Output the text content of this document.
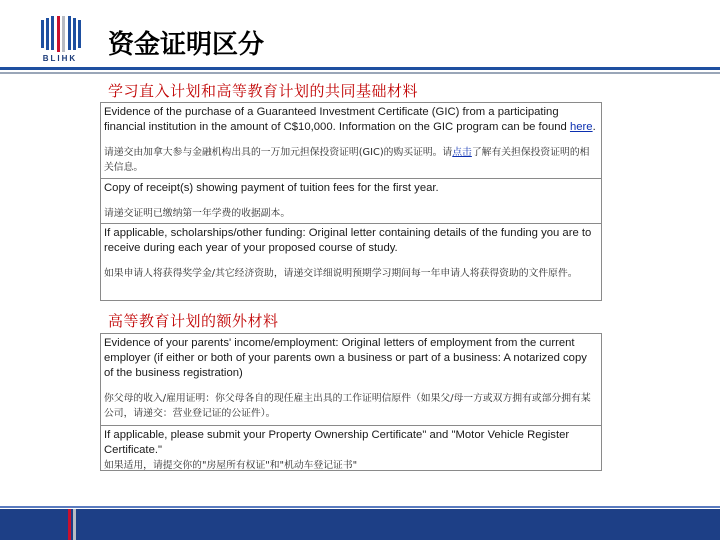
BLIHK 资金证明区分
学习直入计划和高等教育计划的共同基础材料

Evidence of the purchase of a Guaranteed Investment Certificate (GIC) from a participating financial institution in the amount of C$10,000. Information on the GIC program can be found here.

请递交由加拿大参与金融机构出具的一万加元担保投资证明(GIC)的购买证明。请点击了解有关担保投资证明的相关信息。

Copy of receipt(s) showing payment of tuition fees for the first year.

请递交证明已缴纳第一年学费的收据副本。

If applicable, scholarships/other funding: Original letter containing details of the funding you are to receive during each year of your proposed course of study.

如果申请人将获得奖学金/其它经济资助，请递交详细说明预期学习期间每一年申请人将获得资助的文件原件。

高等教育计划的额外材料

Evidence of your parents' income/employment: Original letters of employment from the current employer (if either or both of your parents own a business or part of a business: A notarized copy of the business registration)

你父母的收入/雇用证明：你父母各自的现任雇主出具的工作证明信原件（如果父/母一方或双方拥有或部分拥有某公司，请递交：营业登记证的公证件）。

If applicable, please submit your Property Ownership Certificate" and "Motor Vehicle Register Certificate."

如果适用，请提交你的"房屋所有权证"和"机动车登记证书"
